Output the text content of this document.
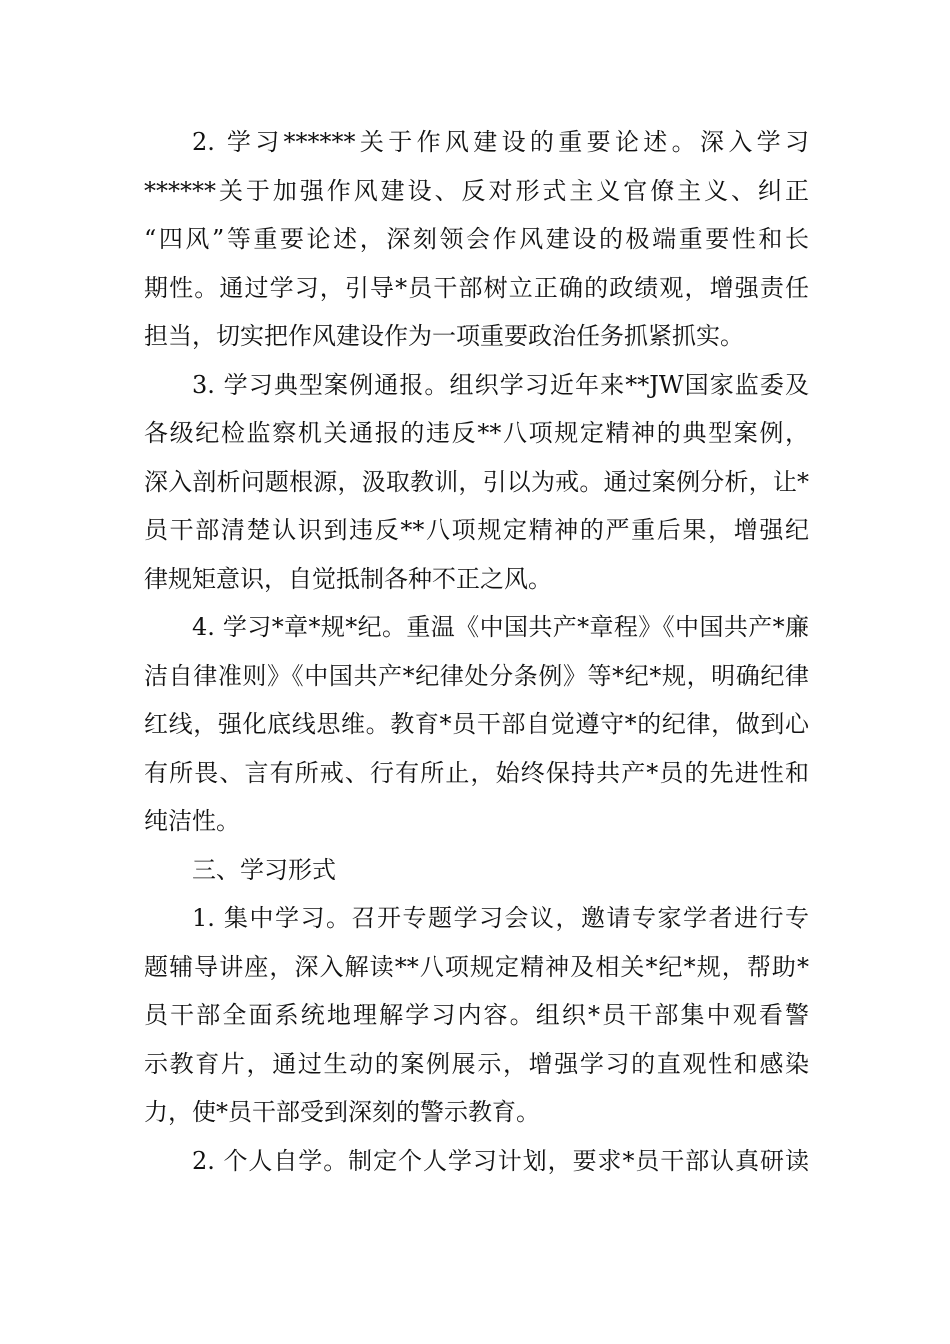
2. 学习******关于作风建设的重要论述。深入学习
******关于加强作风建设、反对形式主义官僚主义、纠正
“四风”等重要论述，深刻领会作风建设的极端重要性和长
期性。通过学习，引导*员干部树立正确的政绩观，增强责任
担当，切实把作风建设作为一项重要政治任务抓紧抓实。
3. 学习典型案例通报。组织学习近年来**JW国家监委及
各级纪检监察机关通报的违反**八项规定精神的典型案例，
深入剖析问题根源，汲取教训，引以为戒。通过案例分析，让*
员干部清楚认识到违反**八项规定精神的严重后果，增强纪
律规矩意识，自觉抵制各种不正之风。
4. 学习*章*规*纪。重温《中国共产*章程》《中国共产*廉
洁自律准则》《中国共产*纪律处分条例》等*纪*规，明确纪律
红线，强化底线思维。教育*员干部自觉遵守*的纪律，做到心
有所畏、言有所戒、行有所止，始终保持共产*员的先进性和
纯洁性。
三、学习形式
1. 集中学习。召开专题学习会议，邀请专家学者进行专
题辅导讲座，深入解读**八项规定精神及相关*纪*规，帮助*
员干部全面系统地理解学习内容。组织*员干部集中观看警
示教育片，通过生动的案例展示，增强学习的直观性和感染
力，使*员干部受到深刻的警示教育。
2. 个人自学。制定个人学习计划，要求*员干部认真研读
